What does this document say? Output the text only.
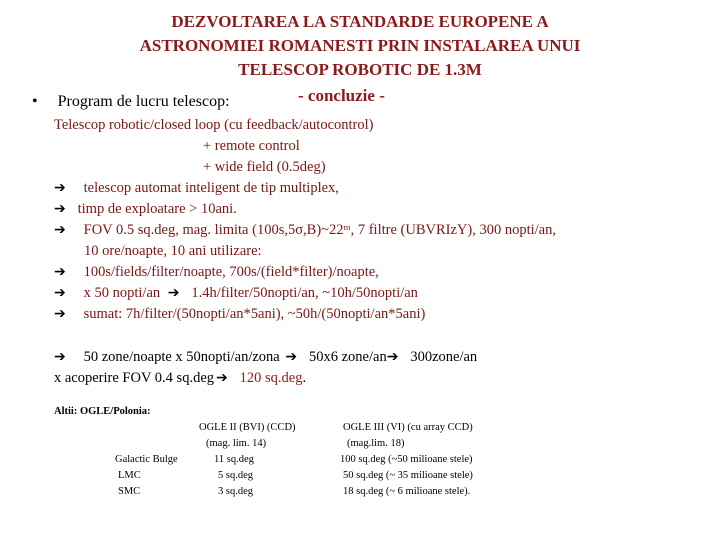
DEZVOLTAREA LA STANDARDE EUROPENE A
ASTRONOMIEI ROMANESTI PRIN INSTALAREA UNUI
TELESCOP ROBOTIC DE 1.3M
• Program de lucru telescop:	- concluzie -
Telescop robotic/closed loop (cu feedback/autocontrol)
+ remote control
+ wide field (0.5deg)
➔ telescop automat inteligent de tip multiplex,
➔ timp de exploatare > 10ani.
➔ FOV 0.5 sq.deg, mag. limita (100s,5σ,B)~22ᵐ, 7 filtre (UBVRIzY), 300 nopti/an,
10 ore/noapte, 10 ani utilizare:
➔ 100s/fields/filter/noapte, 700s/(field*filter)/noapte,
➔ x 50 nopti/an ➔ 1.4h/filter/50nopti/an, ~10h/50nopti/an
➔ sumat: 7h/filter/(50nopti/an*5ani), ~50h/(50nopti/an*5ani)
➔ 50 zone/noapte x 50nopti/an/zona ➔ 50x6 zone/an➔ 300zone/an
x acoperire FOV 0.4 sq.deg ➔ 120 sq.deg.
Altii: OGLE/Polonia:
OGLE II (BVI) (CCD)
(mag. lim. 14)
OGLE III (VI) (cu array CCD)
(mag.lim. 18)
Galactic Bulge	11 sq.deg	100 sq.deg (~50 milioane stele)
LMC	5 sq.deg	50 sq.deg (~ 35 milioane stele)
SMC	3 sq.deg	18 sq.deg (~ 6 milioane stele).
